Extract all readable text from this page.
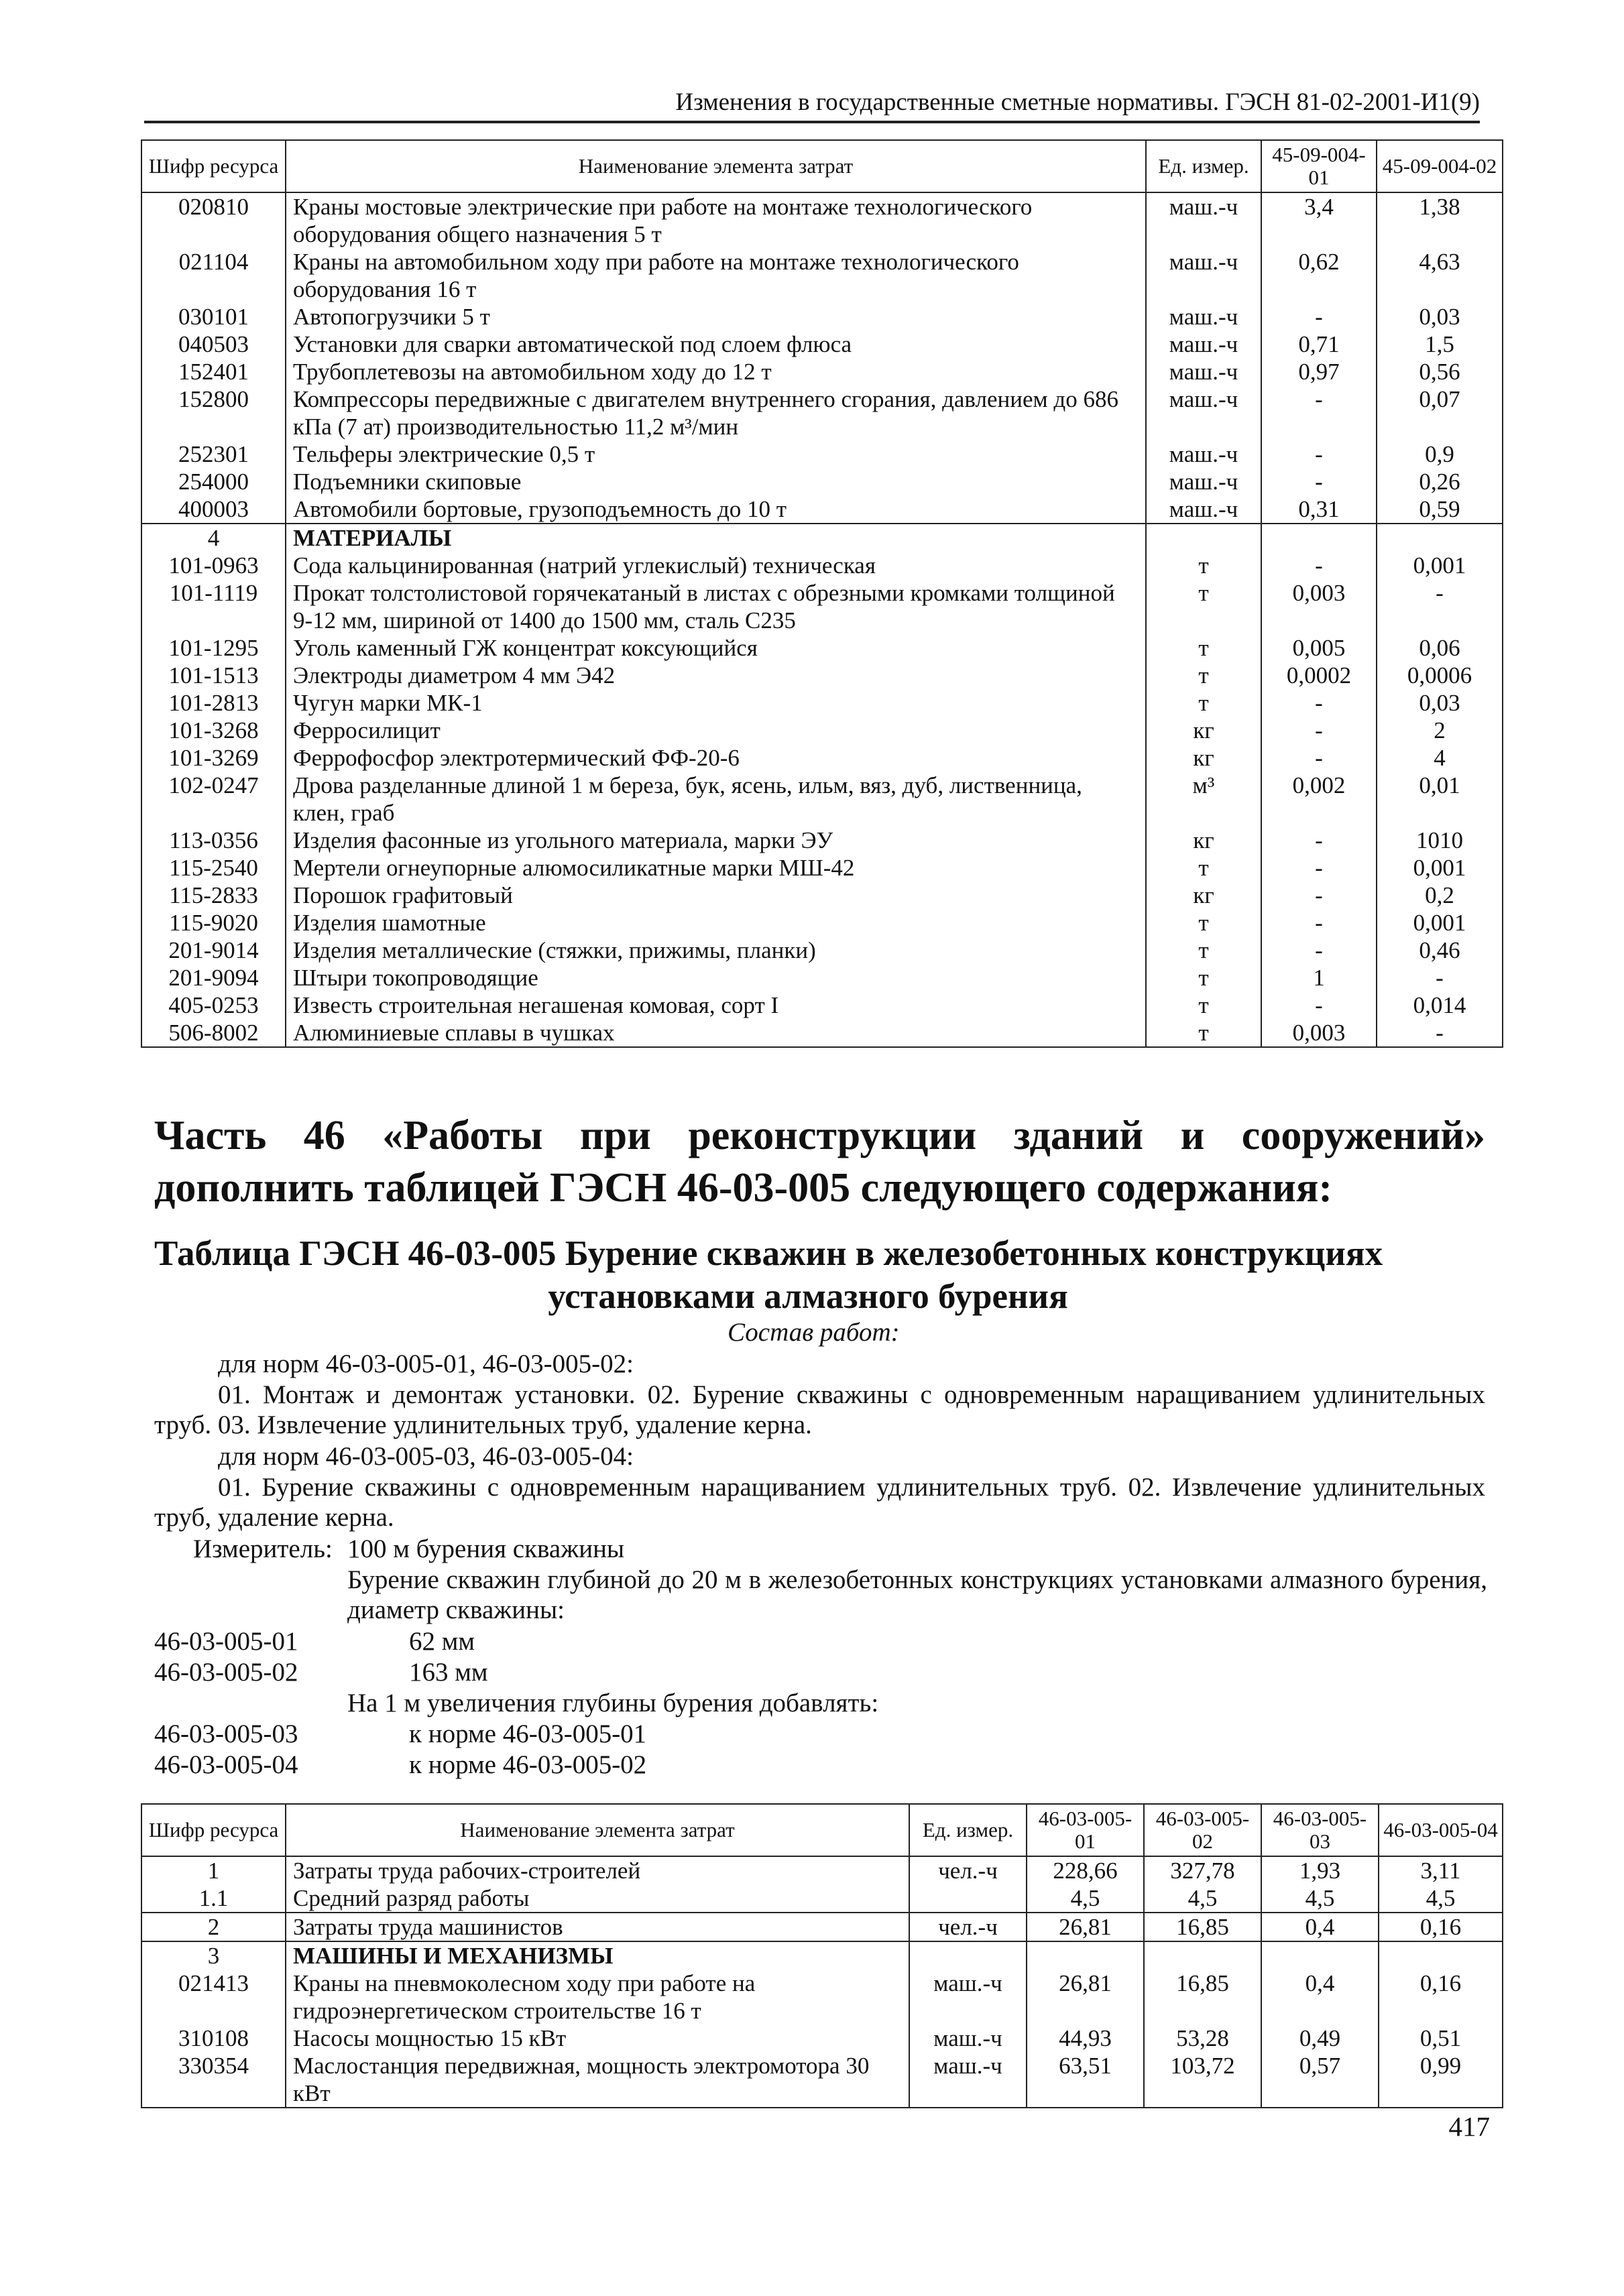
Изменения в государственные сметные нормативы. ГЭСН 81-02-2001-И1(9)
Шифр ресурса	Наименование элемента затрат	Ед. измер.	45-09-004-01	45-09-004-02
020810	Краны мостовые электрические при работе на монтаже технологического оборудования общего назначения 5 т	маш.-ч	3,4	1,38
021104	Краны на автомобильном ходу при работе на монтаже технологического оборудования 16 т	маш.-ч	0,62	4,63
030101	Автопогрузчики 5 т	маш.-ч	-	0,03
040503	Установки для сварки автоматической под слоем флюса	маш.-ч	0,71	1,5
152401	Трубоплетевозы на автомобильном ходу до 12 т	маш.-ч	0,97	0,56
152800	Компрессоры передвижные с двигателем внутреннего сгорания, давлением до 686 кПа (7 ат) производительностью 11,2 м³/мин	маш.-ч	-	0,07
252301	Тельферы электрические 0,5 т	маш.-ч	-	0,9
254000	Подъемники скиповые	маш.-ч	-	0,26
400003	Автомобили бортовые, грузоподъемность до 10 т	маш.-ч	0,31	0,59
4	МАТЕРИАЛЫ			
101-0963	Сода кальцинированная (натрий углекислый) техническая	т	-	0,001
101-1119	Прокат толстолистовой горячекатаный в листах с обрезными кромками толщиной 9-12 мм, шириной от 1400 до 1500 мм, сталь С235	т	0,003	-
101-1295	Уголь каменный ГЖ концентрат коксующийся	т	0,005	0,06
101-1513	Электроды диаметром 4 мм Э42	т	0,0002	0,0006
101-2813	Чугун марки МК-1	т	-	0,03
101-3268	Ферросилицит	кг	-	2
101-3269	Феррофосфор электротермический ФФ-20-6	кг	-	4
102-0247	Дрова разделанные длиной 1 м береза, бук, ясень, ильм, вяз, дуб, лиственница, клен, граб	м³	0,002	0,01
113-0356	Изделия фасонные из угольного материала, марки ЭУ	кг	-	1010
115-2540	Мертели огнеупорные алюмосиликатные марки МШ-42	т	-	0,001
115-2833	Порошок графитовый	кг	-	0,2
115-9020	Изделия шамотные	т	-	0,001
201-9014	Изделия металлические (стяжки, прижимы, планки)	т	-	0,46
201-9094	Штыри токопроводящие	т	1	-
405-0253	Известь строительная негашеная комовая, сорт I	т	-	0,014
506-8002	Алюминиевые сплавы в чушках	т	0,003	-
Часть 46 «Работы при реконструкции зданий и сооружений» дополнить таблицей ГЭСН 46-03-005 следующего содержания:
Таблица ГЭСН 46-03-005 Бурение скважин в железобетонных конструкциях
установками алмазного бурения
Состав работ:
для норм 46-03-005-01, 46-03-005-02:
01. Монтаж и демонтаж установки. 02. Бурение скважины с одновременным наращиванием удлинительных труб. 03. Извлечение удлинительных труб, удаление керна.
для норм 46-03-005-03, 46-03-005-04:
01. Бурение скважины с одновременным наращиванием удлинительных труб. 02. Извлечение удлинительных труб, удаление керна.
Измеритель: 100 м бурения скважины
Бурение скважин глубиной до 20 м в железобетонных конструкциях установками алмазного бурения, диаметр скважины:
46-03-005-01	62 мм
46-03-005-02	163 мм
На 1 м увеличения глубины бурения добавлять:
46-03-005-03	к норме 46-03-005-01
46-03-005-04	к норме 46-03-005-02
Шифр ресурса	Наименование элемента затрат	Ед. измер.	46-03-005-01	46-03-005-02	46-03-005-03	46-03-005-04
1	Затраты труда рабочих-строителей	чел.-ч	228,66	327,78	1,93	3,11
1.1	Средний разряд работы		4,5	4,5	4,5	4,5
2	Затраты труда машинистов	чел.-ч	26,81	16,85	0,4	0,16
3	МАШИНЫ И МЕХАНИЗМЫ					
021413	Краны на пневмоколесном ходу при работе на гидроэнергетическом строительстве 16 т	маш.-ч	26,81	16,85	0,4	0,16
310108	Насосы мощностью 15 кВт	маш.-ч	44,93	53,28	0,49	0,51
330354	Маслостанция передвижная, мощность электромотора 30 кВт	маш.-ч	63,51	103,72	0,57	0,99
417
